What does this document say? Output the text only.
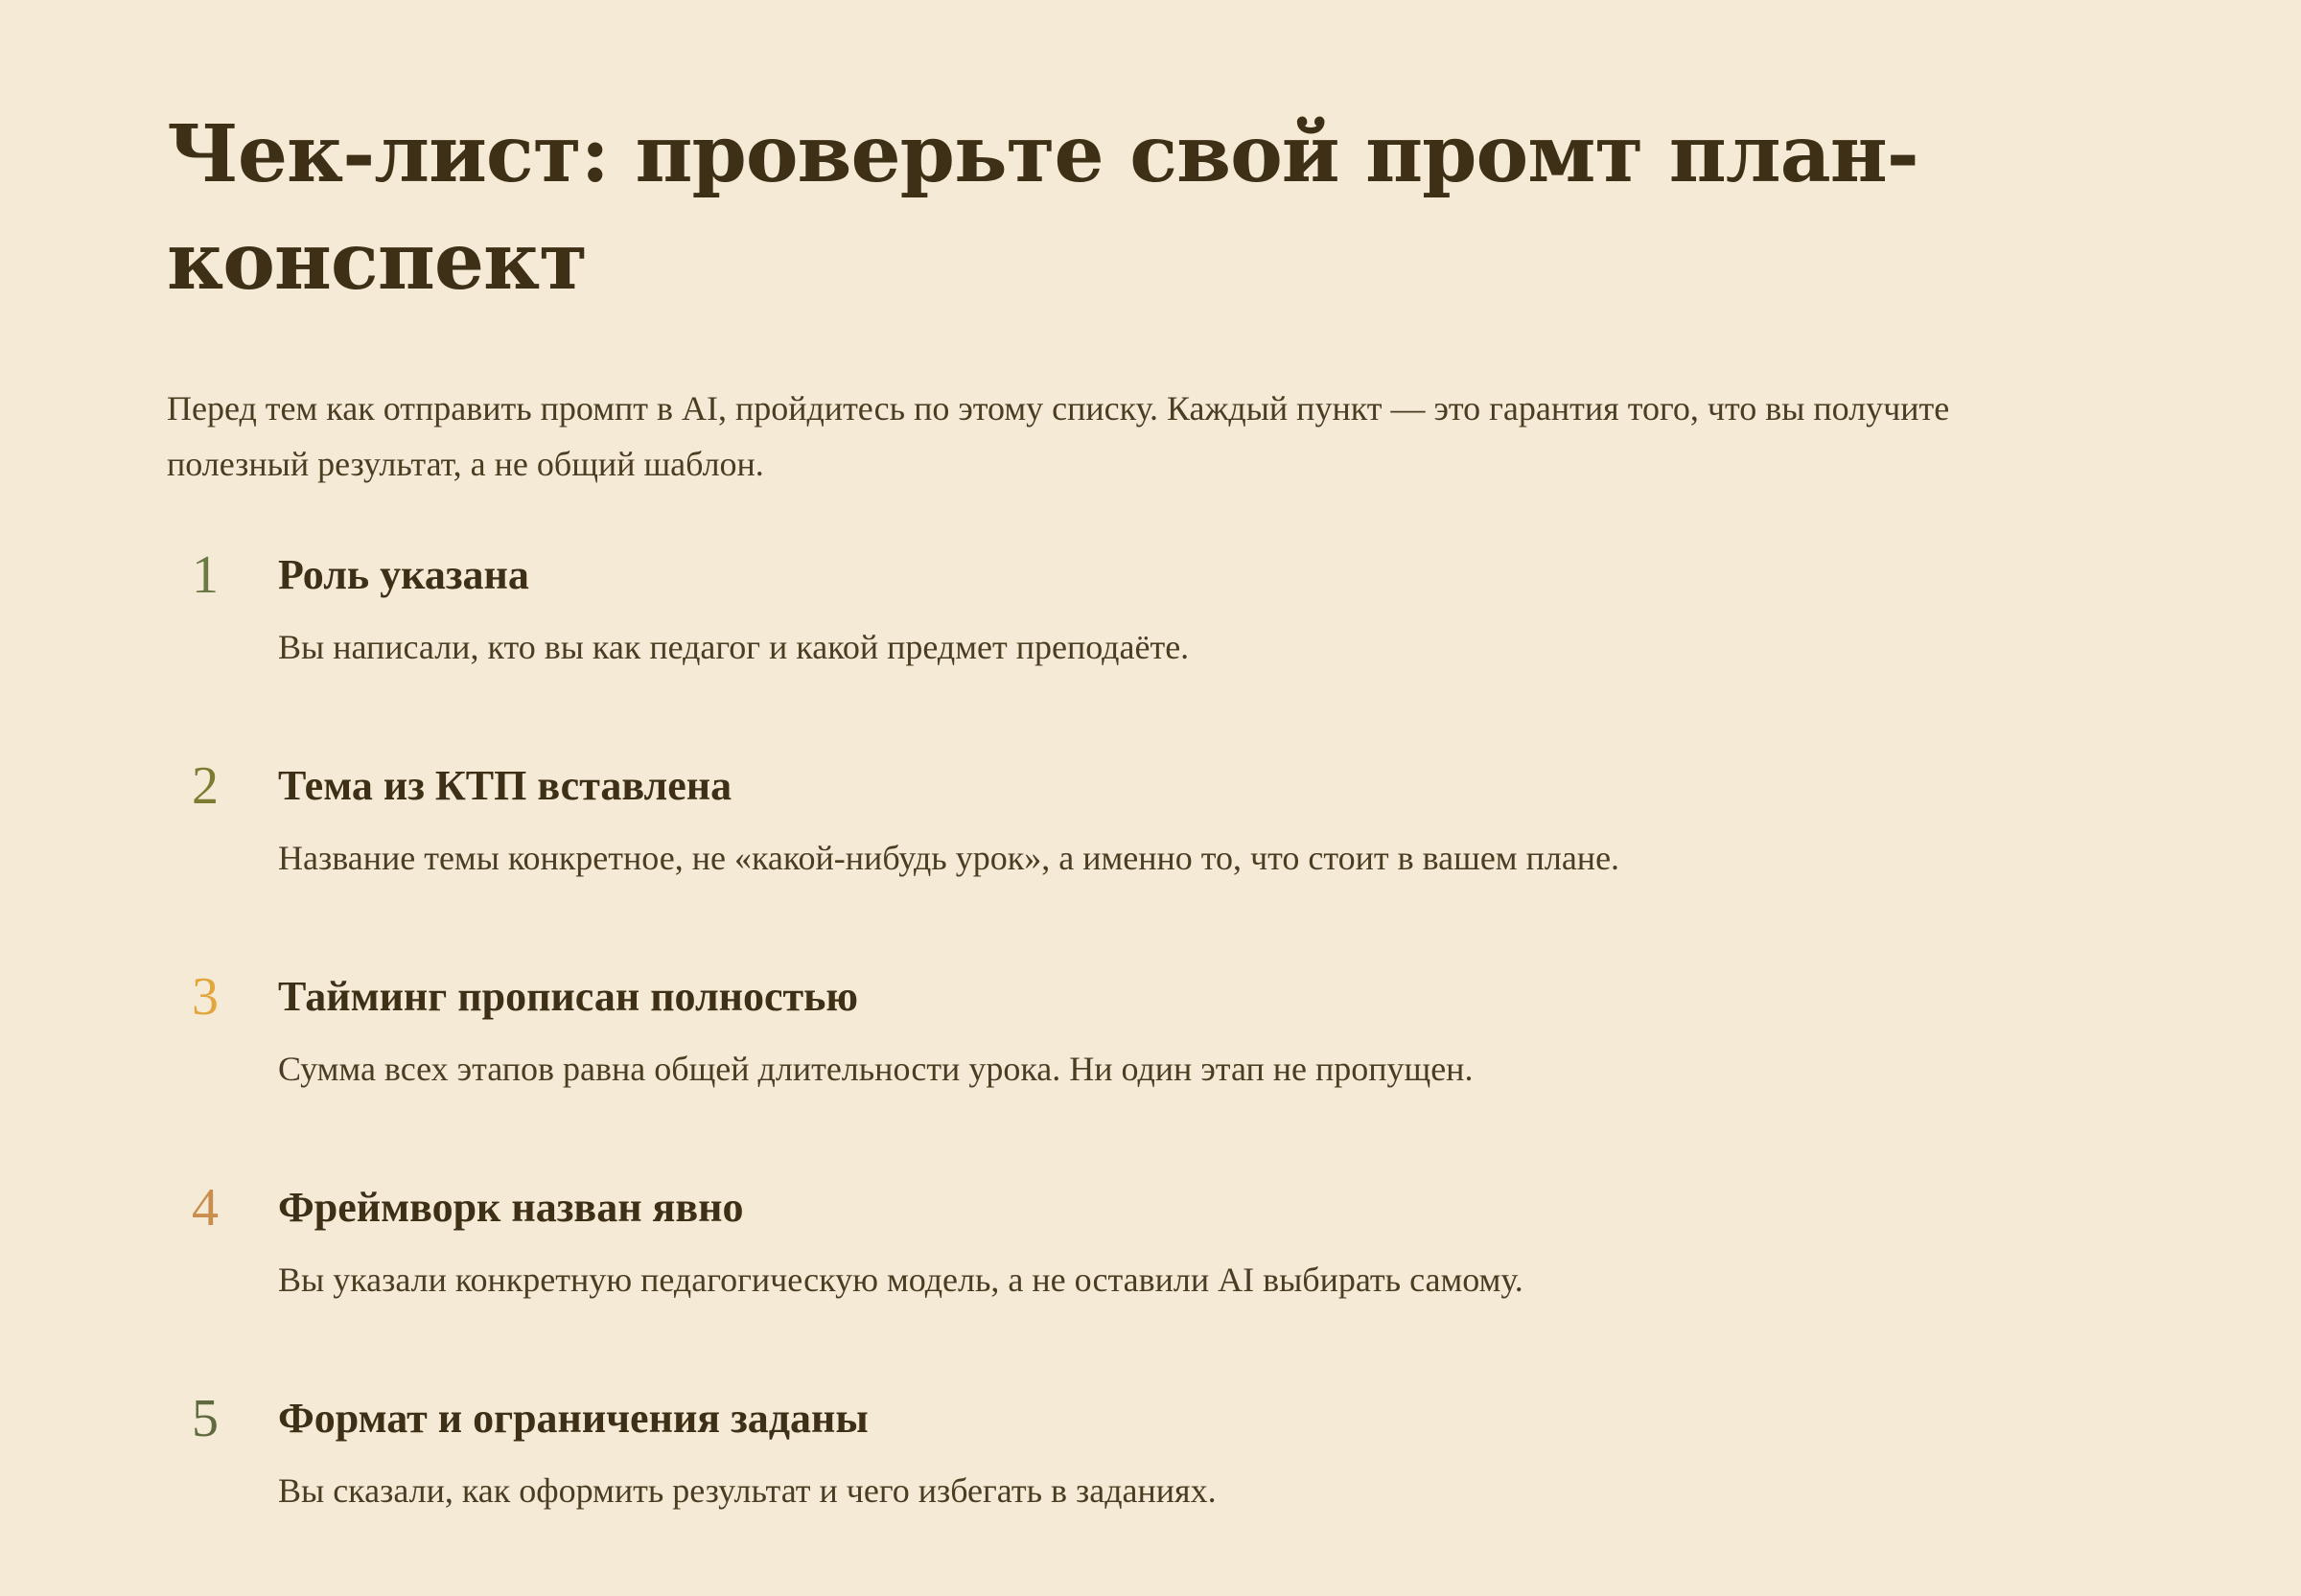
Чек-лист: проверьте свой промт план-конспект

Перед тем как отправить промпт в AI, пройдитесь по этому списку. Каждый пункт — это гарантия того, что вы получите полезный результат, а не общий шаблон.

1	Роль указана

Вы написали, кто вы как педагог и какой предмет преподаёте.

2	Тема из КТП вставлена

Название темы конкретное, не «какой-нибудь урок», а именно то, что стоит в вашем плане.

3	Тайминг прописан полностью

Сумма всех этапов равна общей длительности урока. Ни один этап не пропущен.

4	Фреймворк назван явно

Вы указали конкретную педагогическую модель, а не оставили AI выбирать самому.

5	Формат и ограничения заданы

Вы сказали, как оформить результат и чего избегать в заданиях.
